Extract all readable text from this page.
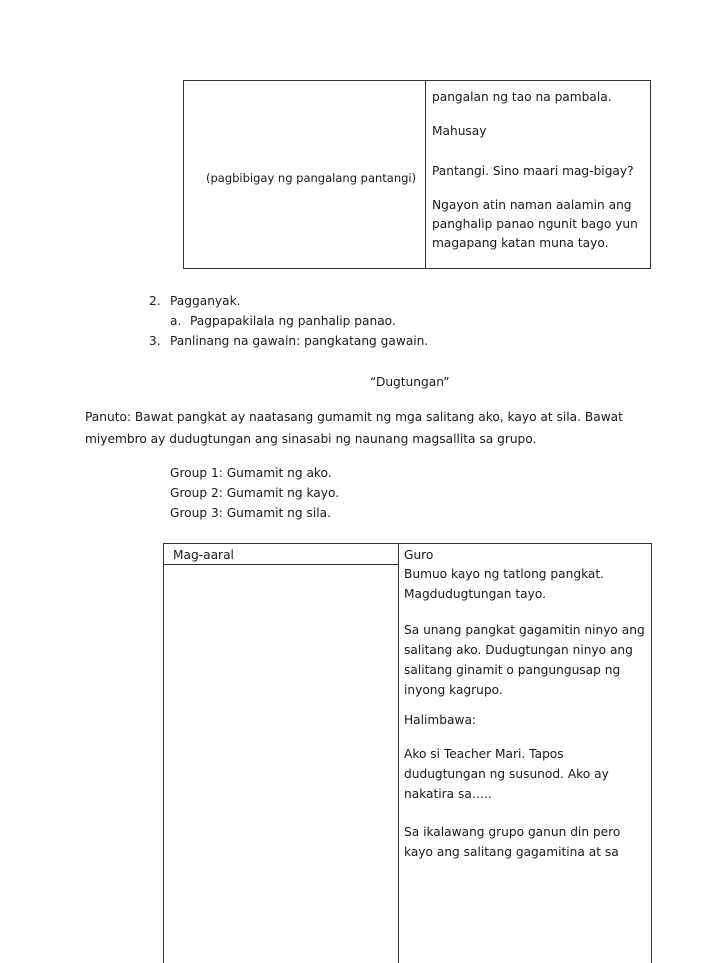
(pagbibigay ng pangalang pantangi)
pangalan ng tao na pambala.
Mahusay
Pantangi. Sino maari mag-bigay?
Ngayon atin naman aalamin ang
panghalip panao ngunit bago yun
magapang katan muna tayo.
2. Pagganyak.
a. Pagpapakilala ng panhalip panao.
3. Panlinang na gawain: pangkatang gawain.
“Dugtungan”
Panuto: Bawat pangkat ay naatasang gumamit ng mga salitang ako, kayo at sila. Bawat
miyembro ay dudugtungan ang sinasabi ng naunang magsallita sa grupo.
Group 1: Gumamit ng ako.
Group 2: Gumamit ng kayo.
Group 3: Gumamit ng sila.
Mag-aaral	Guro
Bumuo kayo ng tatlong pangkat.
Magdudugtungan tayo.
Sa unang pangkat gagamitin ninyo ang
salitang ako. Dudugtungan ninyo ang
salitang ginamit o pangungusap ng
inyong kagrupo.
Halimbawa:
Ako si Teacher Mari. Tapos
dudugtungan ng susunod. Ako ay
nakatira sa…..
Sa ikalawang grupo ganun din pero
kayo ang salitang gagamitina at sa
